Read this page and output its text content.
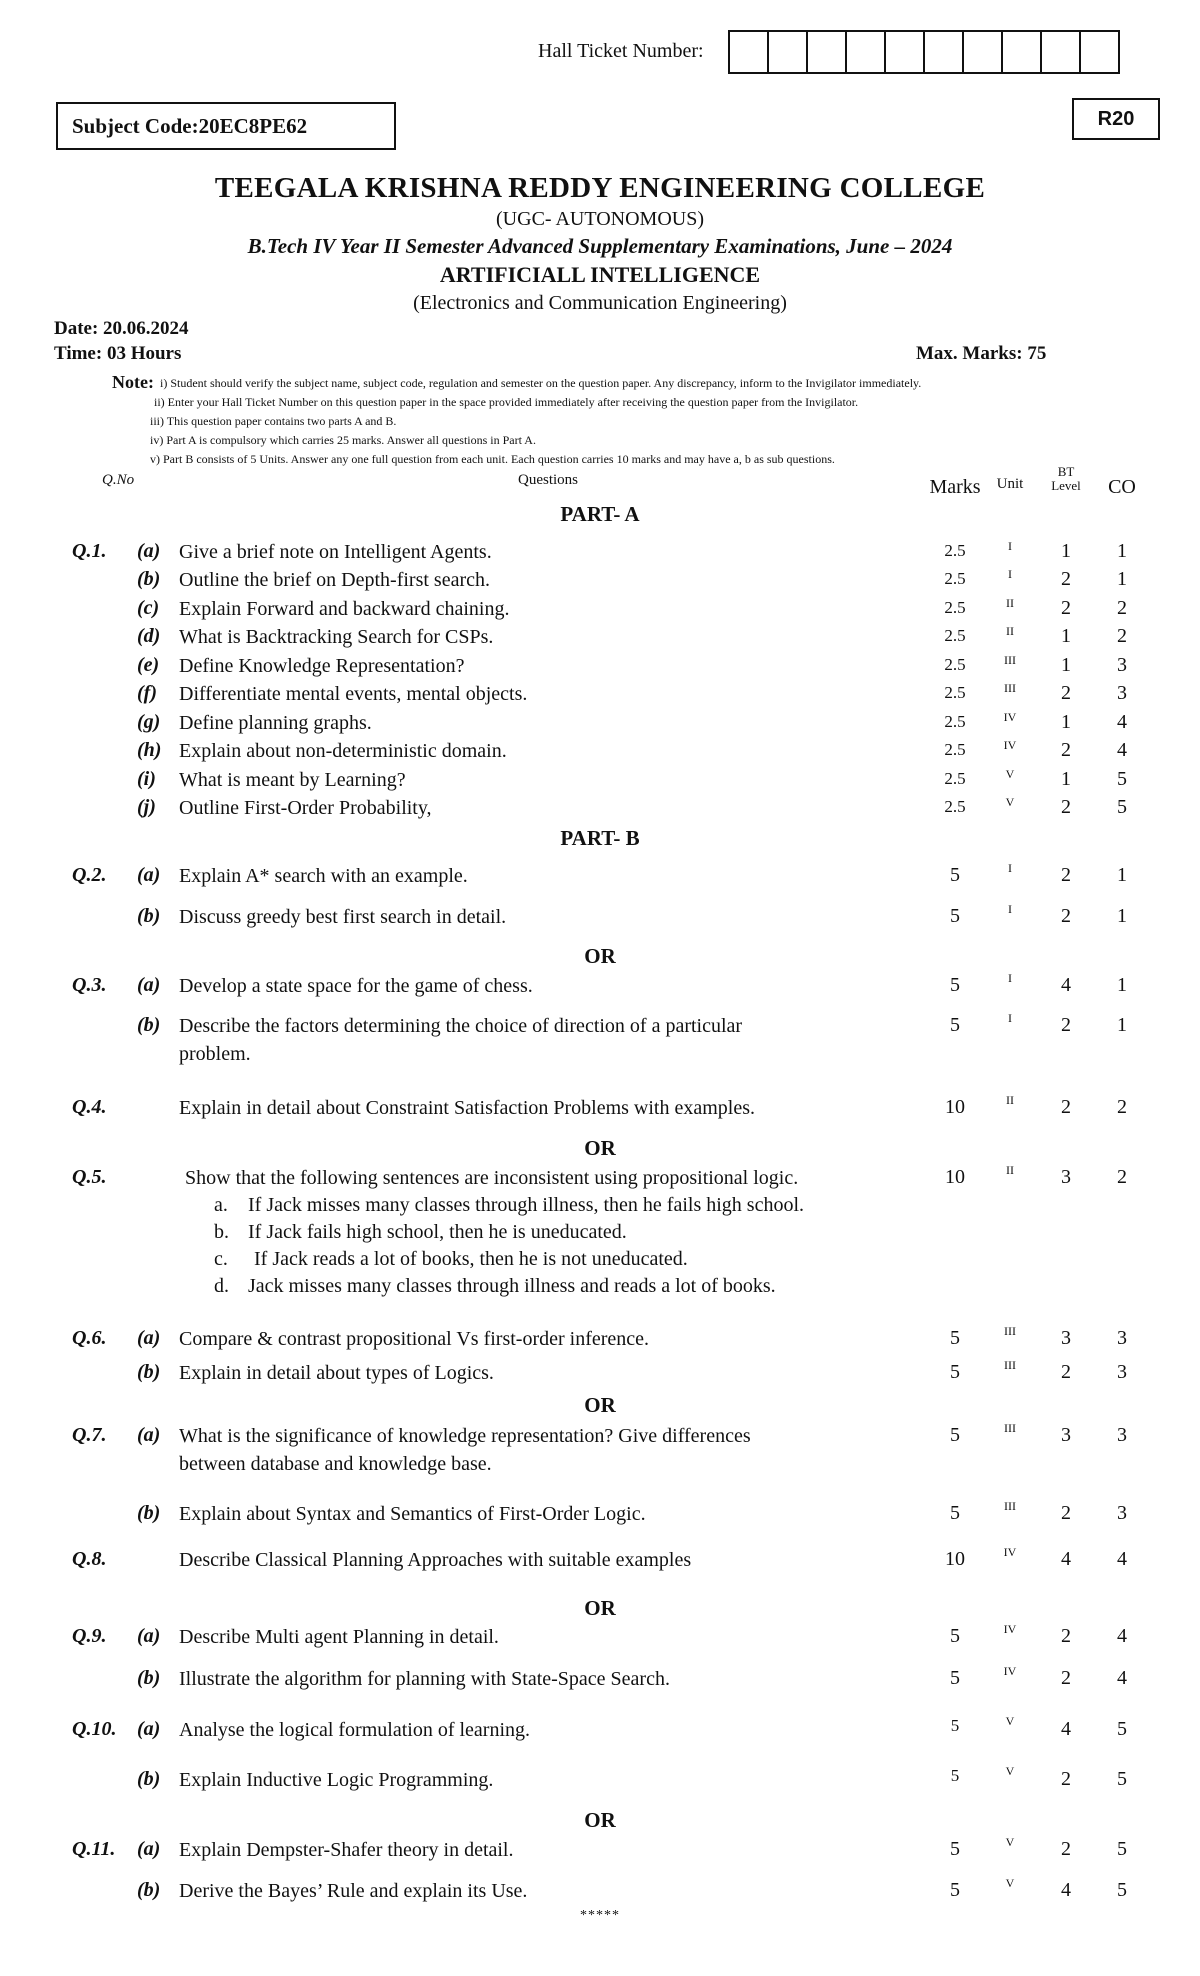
Hall Ticket Number:
Subject Code:20EC8PE62	R20
TEEGALA KRISHNA REDDY ENGINEERING COLLEGE
(UGC- AUTONOMOUS)
B.Tech IV Year II Semester Advanced Supplementary Examinations, June – 2024
ARTIFICIALL INTELLIGENCE
(Electronics and Communication Engineering)
Date: 20.06.2024
Time: 03 Hours	Max. Marks: 75
Note: i) Student should verify the subject name, subject code, regulation and semester on the question paper. Any discrepancy, inform to the Invigilator immediately.
ii) Enter your Hall Ticket Number on this question paper in the space provided immediately after receiving the question paper from the Invigilator.
iii) This question paper contains two parts A and B.
iv) Part A is compulsory which carries 25 marks. Answer all questions in Part A.
v) Part B consists of 5 Units. Answer any one full question from each unit. Each question carries 10 marks and may have a, b as sub questions.
Q.No	Questions	Marks	Unit
BT Level	CO
PART- A
Q.1. (a) Give a brief note on Intelligent Agents.	2.5	I	1	1
(b) Outline the brief on Depth-first search.	2.5	I	2	1
(c) Explain Forward and backward chaining.	2.5	II	2	2
(d) What is Backtracking Search for CSPs.	2.5	II	1	2
(e) Define Knowledge Representation?	2.5	III	1	3
(f) Differentiate mental events, mental objects.	2.5	III	2	3
(g) Define planning graphs.	2.5	IV	1	4
(h) Explain about non-deterministic domain.	2.5	IV	2	4
(i) What is meant by Learning?	2.5	V	1	5
(j) Outline First-Order Probability,	2.5	V	2	5
PART- B
Q.2. (a) Explain A* search with an example.	5	I	2	1
(b) Discuss greedy best first search in detail.	5	I	2	1
OR
Q.3. (a) Develop a state space for the game of chess.	5	I	4	1
(b) Describe the factors determining the choice of direction of a particular
problem.
5	I	2	1
Q.4.	Explain in detail about Constraint Satisfaction Problems with examples.	10	II	2	2
OR
Q.5.	Show that the following sentences are inconsistent using propositional logic.	10	II	3	2
a. If Jack misses many classes through illness, then he fails high school.
b. If Jack fails high school, then he is uneducated.
c. If Jack reads a lot of books, then he is not uneducated.
d. Jack misses many classes through illness and reads a lot of books.
Q.6. (a) Compare & contrast propositional Vs first-order inference.	5	III	3	3
(b) Explain in detail about types of Logics.	5	III	2	3
OR
Q.7. (a) What is the significance of knowledge representation? Give differences
between database and knowledge base.
5	III	3	3
(b) Explain about Syntax and Semantics of First-Order Logic.	5	III	2	3
Q.8.	Describe Classical Planning Approaches with suitable examples	10	IV	4	4
OR
Q.9. (a) Describe Multi agent Planning in detail.	5	IV	2	4
(b) Illustrate the algorithm for planning with State-Space Search.	5	IV	2	4
Q.10. (a) Analyse the logical formulation of learning.	5	V	4	5
(b) Explain Inductive Logic Programming.	5	V	2	5
OR
Q.11. (a) Explain Dempster-Shafer theory in detail.	5	V	2	5
(b) Derive the Bayes’ Rule and explain its Use.	5	V	4	5
*****
